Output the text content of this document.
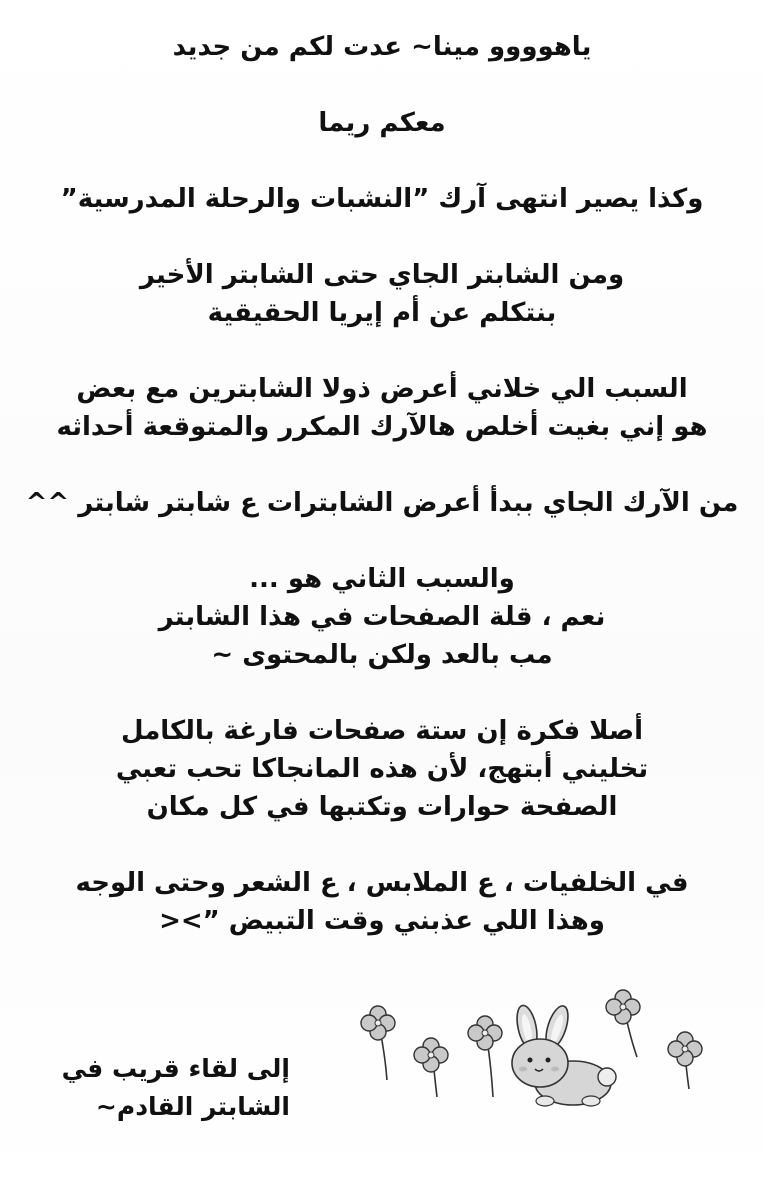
ياهوووو مينا~ عدت لكم من جديد
معكم ريما
وكذا يصير انتهى آرك ”النشبات والرحلة المدرسية”
ومن الشابتر الجاي حتى الشابتر الأخير
بنتكلم عن أم إيريا الحقيقية
السبب الي خلاني أعرض ذولا الشابترين مع بعض
هو إني بغيت أخلص هالآرك المكرر والمتوقعة أحداثه
من الآرك الجاي ببدأ أعرض الشابترات ع شابتر شابتر ^^
والسبب الثاني هو ...
نعم ، قلة الصفحات في هذا الشابتر
مب بالعد ولكن بالمحتوى ~
أصلا فكرة إن ستة صفحات فارغة بالكامل
تخليني أبتهج، لأن هذه المانجاكا تحب تعبي
الصفحة حوارات وتكتبها في كل مكان
في الخلفيات ، ع الملابس ، ع الشعر وحتى الوجه
وهذا اللي عذبني وقت التبيض ”><
إلى لقاء قريب في
الشابتر القادم~
